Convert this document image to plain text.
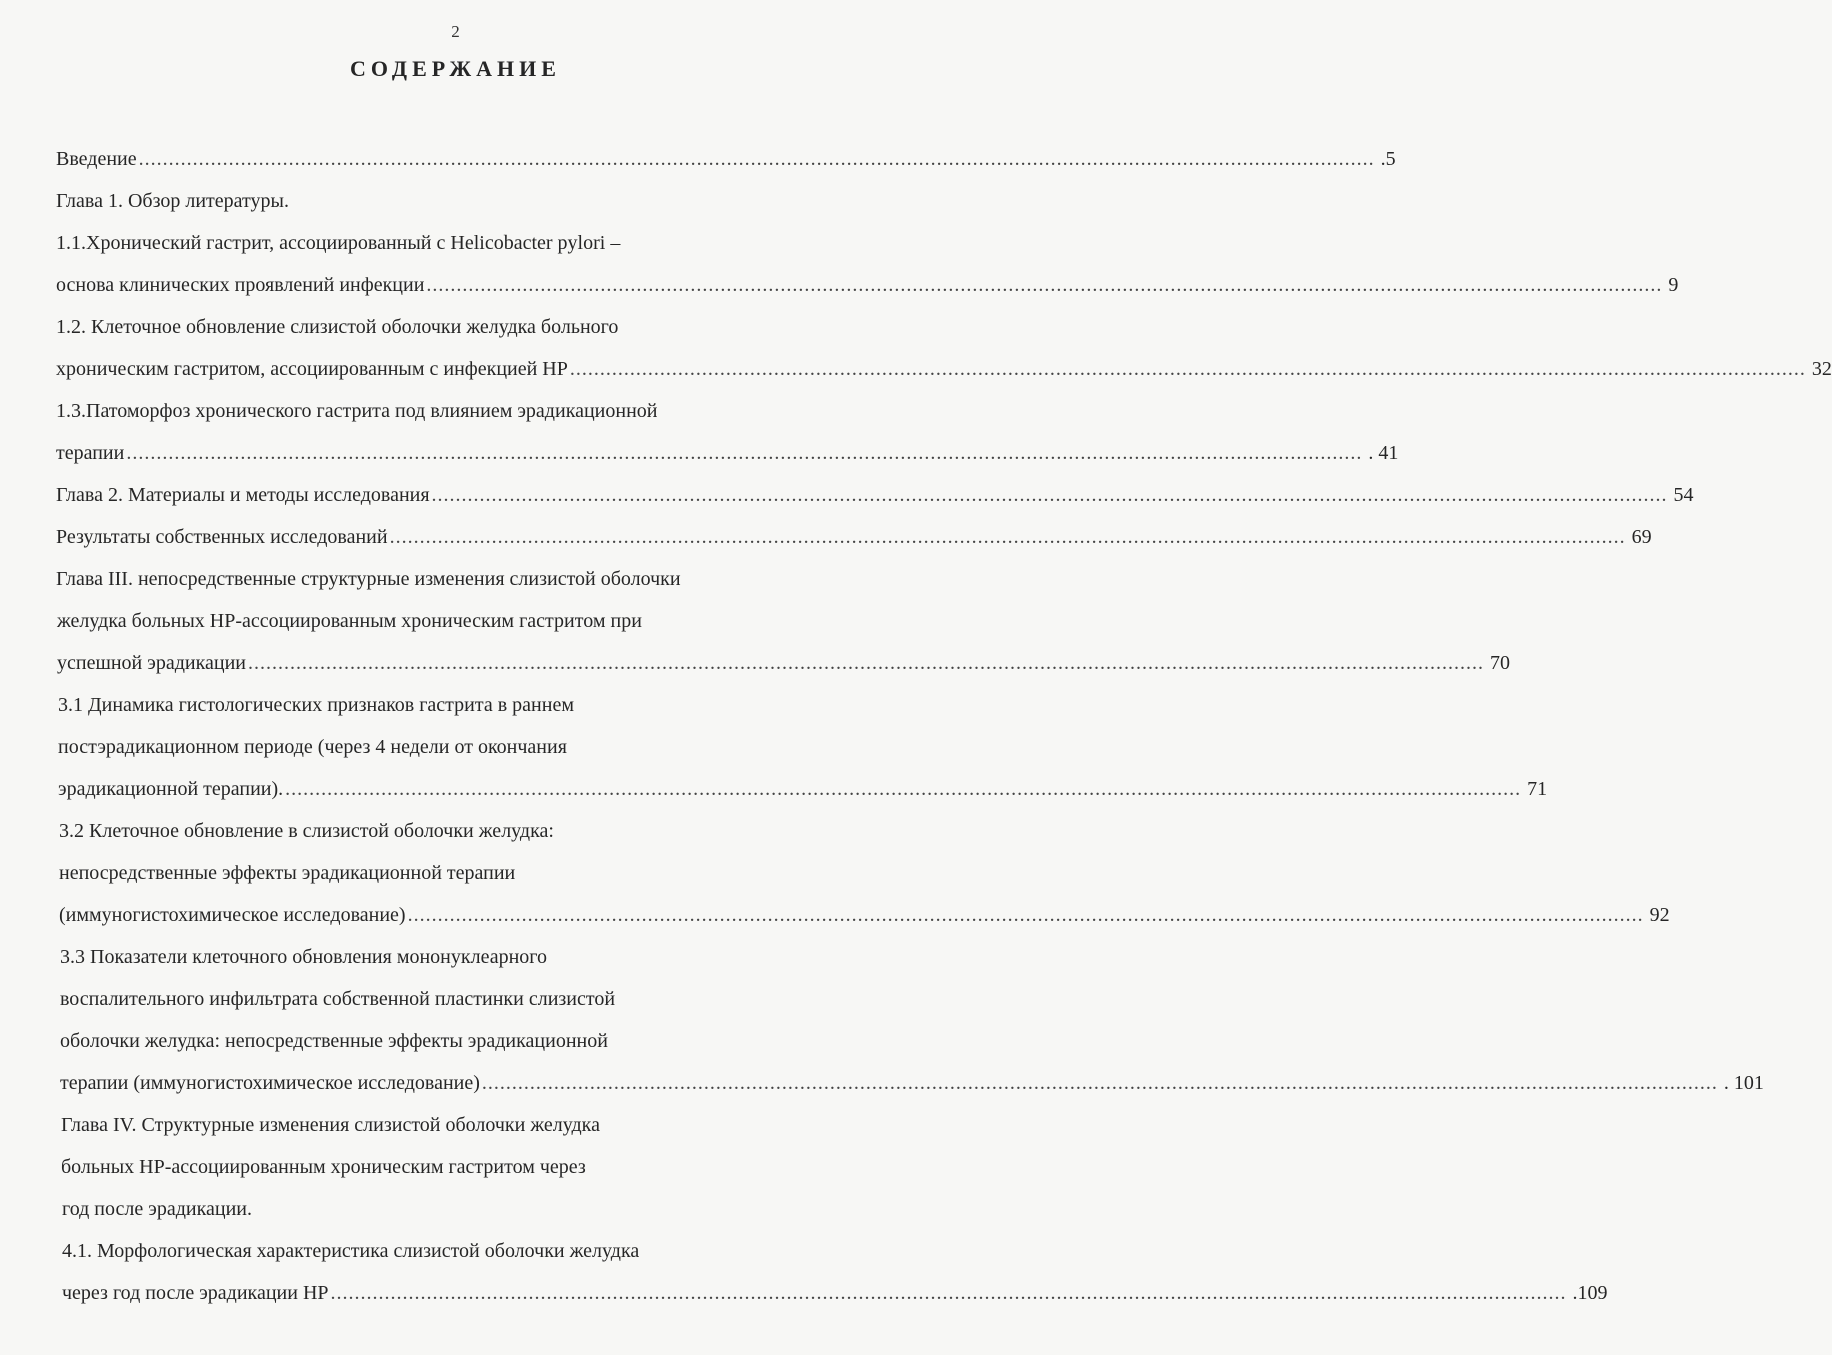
2
СОДЕРЖАНИЕ
Введение .............................................................................................................................................................................................................. .5
Глава 1. Обзор литературы.
1.1.Хронический гастрит, ассоциированный с Helicobacter pylori –
основа клинических проявлений инфекции .............................................................................................................................................................................................................. 9
1.2. Клеточное обновление слизистой оболочки желудка больного
хроническим гастритом, ассоциированным с инфекцией НР .............................................................................................................................................................................................................. 32
1.3.Патоморфоз хронического гастрита под влиянием эрадикационной
терапии .............................................................................................................................................................................................................. . 41
Глава 2. Материалы и методы исследования .............................................................................................................................................................................................................. 54
Результаты собственных исследований .............................................................................................................................................................................................................. 69
Глава III. непосредственные структурные изменения слизистой оболочки
желудка больных НР-ассоциированным хроническим гастритом при
успешной эрадикации .............................................................................................................................................................................................................. 70
3.1 Динамика гистологических признаков гастрита в раннем
постэрадикационном периоде (через 4 недели от окончания
эрадикационной терапии). .............................................................................................................................................................................................................. 71
3.2 Клеточное обновление в слизистой оболочки желудка:
непосредственные эффекты эрадикационной терапии
(иммуногистохимическое исследование) .............................................................................................................................................................................................................. 92
3.3 Показатели клеточного обновления мононуклеарного
воспалительного инфильтрата собственной пластинки слизистой
оболочки желудка: непосредственные эффекты эрадикационной
терапии (иммуногистохимическое исследование) .............................................................................................................................................................................................................. . 101
Глава IV. Структурные изменения слизистой оболочки желудка
больных НР-ассоциированным хроническим гастритом через
год после эрадикации.
4.1. Морфологическая характеристика слизистой оболочки желудка
через год после эрадикации НР .............................................................................................................................................................................................................. .109
